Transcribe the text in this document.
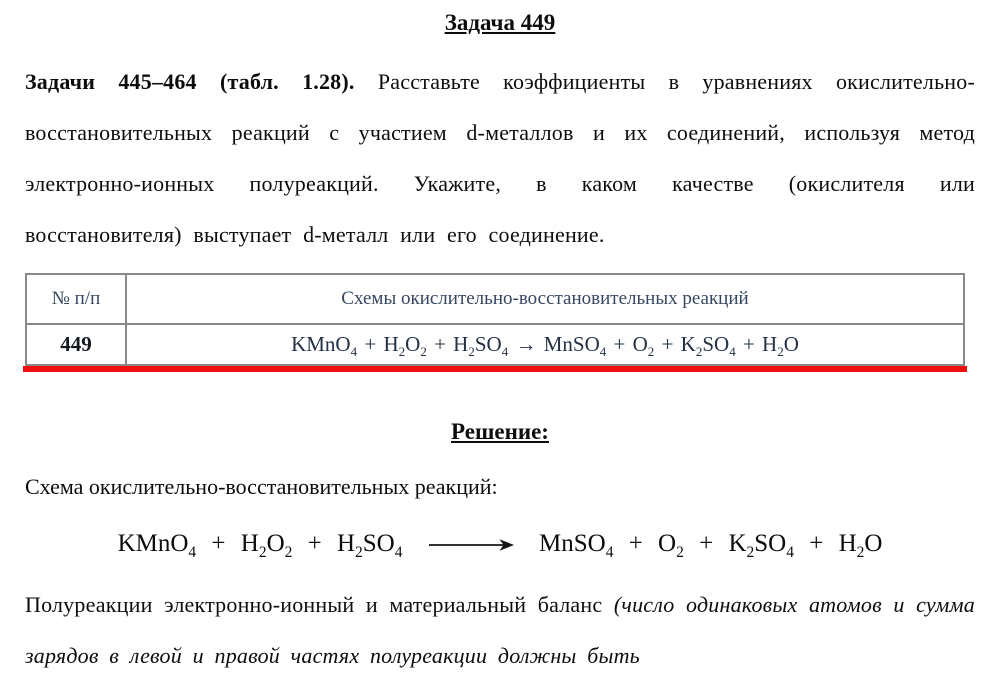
Задача 449

Задачи 445–464 (табл. 1.28). Расставьте коэффициенты в уравнениях окислительно-восстановительных реакций с участием d-металлов и их соединений, используя метод электронно-ионных полуреакций. Укажите, в каком качестве (окислителя или восстановителя) выступает d-металл или его соединение.

№ п/п	Схемы окислительно-восстановительных реакций
449	KMnO$_4$ + $H_2O_2 + H_2SO_4$ → MnSO$_4$ + $O_2 + K_2SO_4 + H_2O$

Решение:

Схема окислительно-восстановительных реакций:

KMnO$_4$ + $H_2O_2 + H_2SO_4$	MnSO$_4$ + $O_2 + K_2SO_4 + H_2O$

Полуреакции электронно-ионный и материальный баланс (число одинаковых атомов и сумма зарядов в левой и правой частях полуреакции должны быть
